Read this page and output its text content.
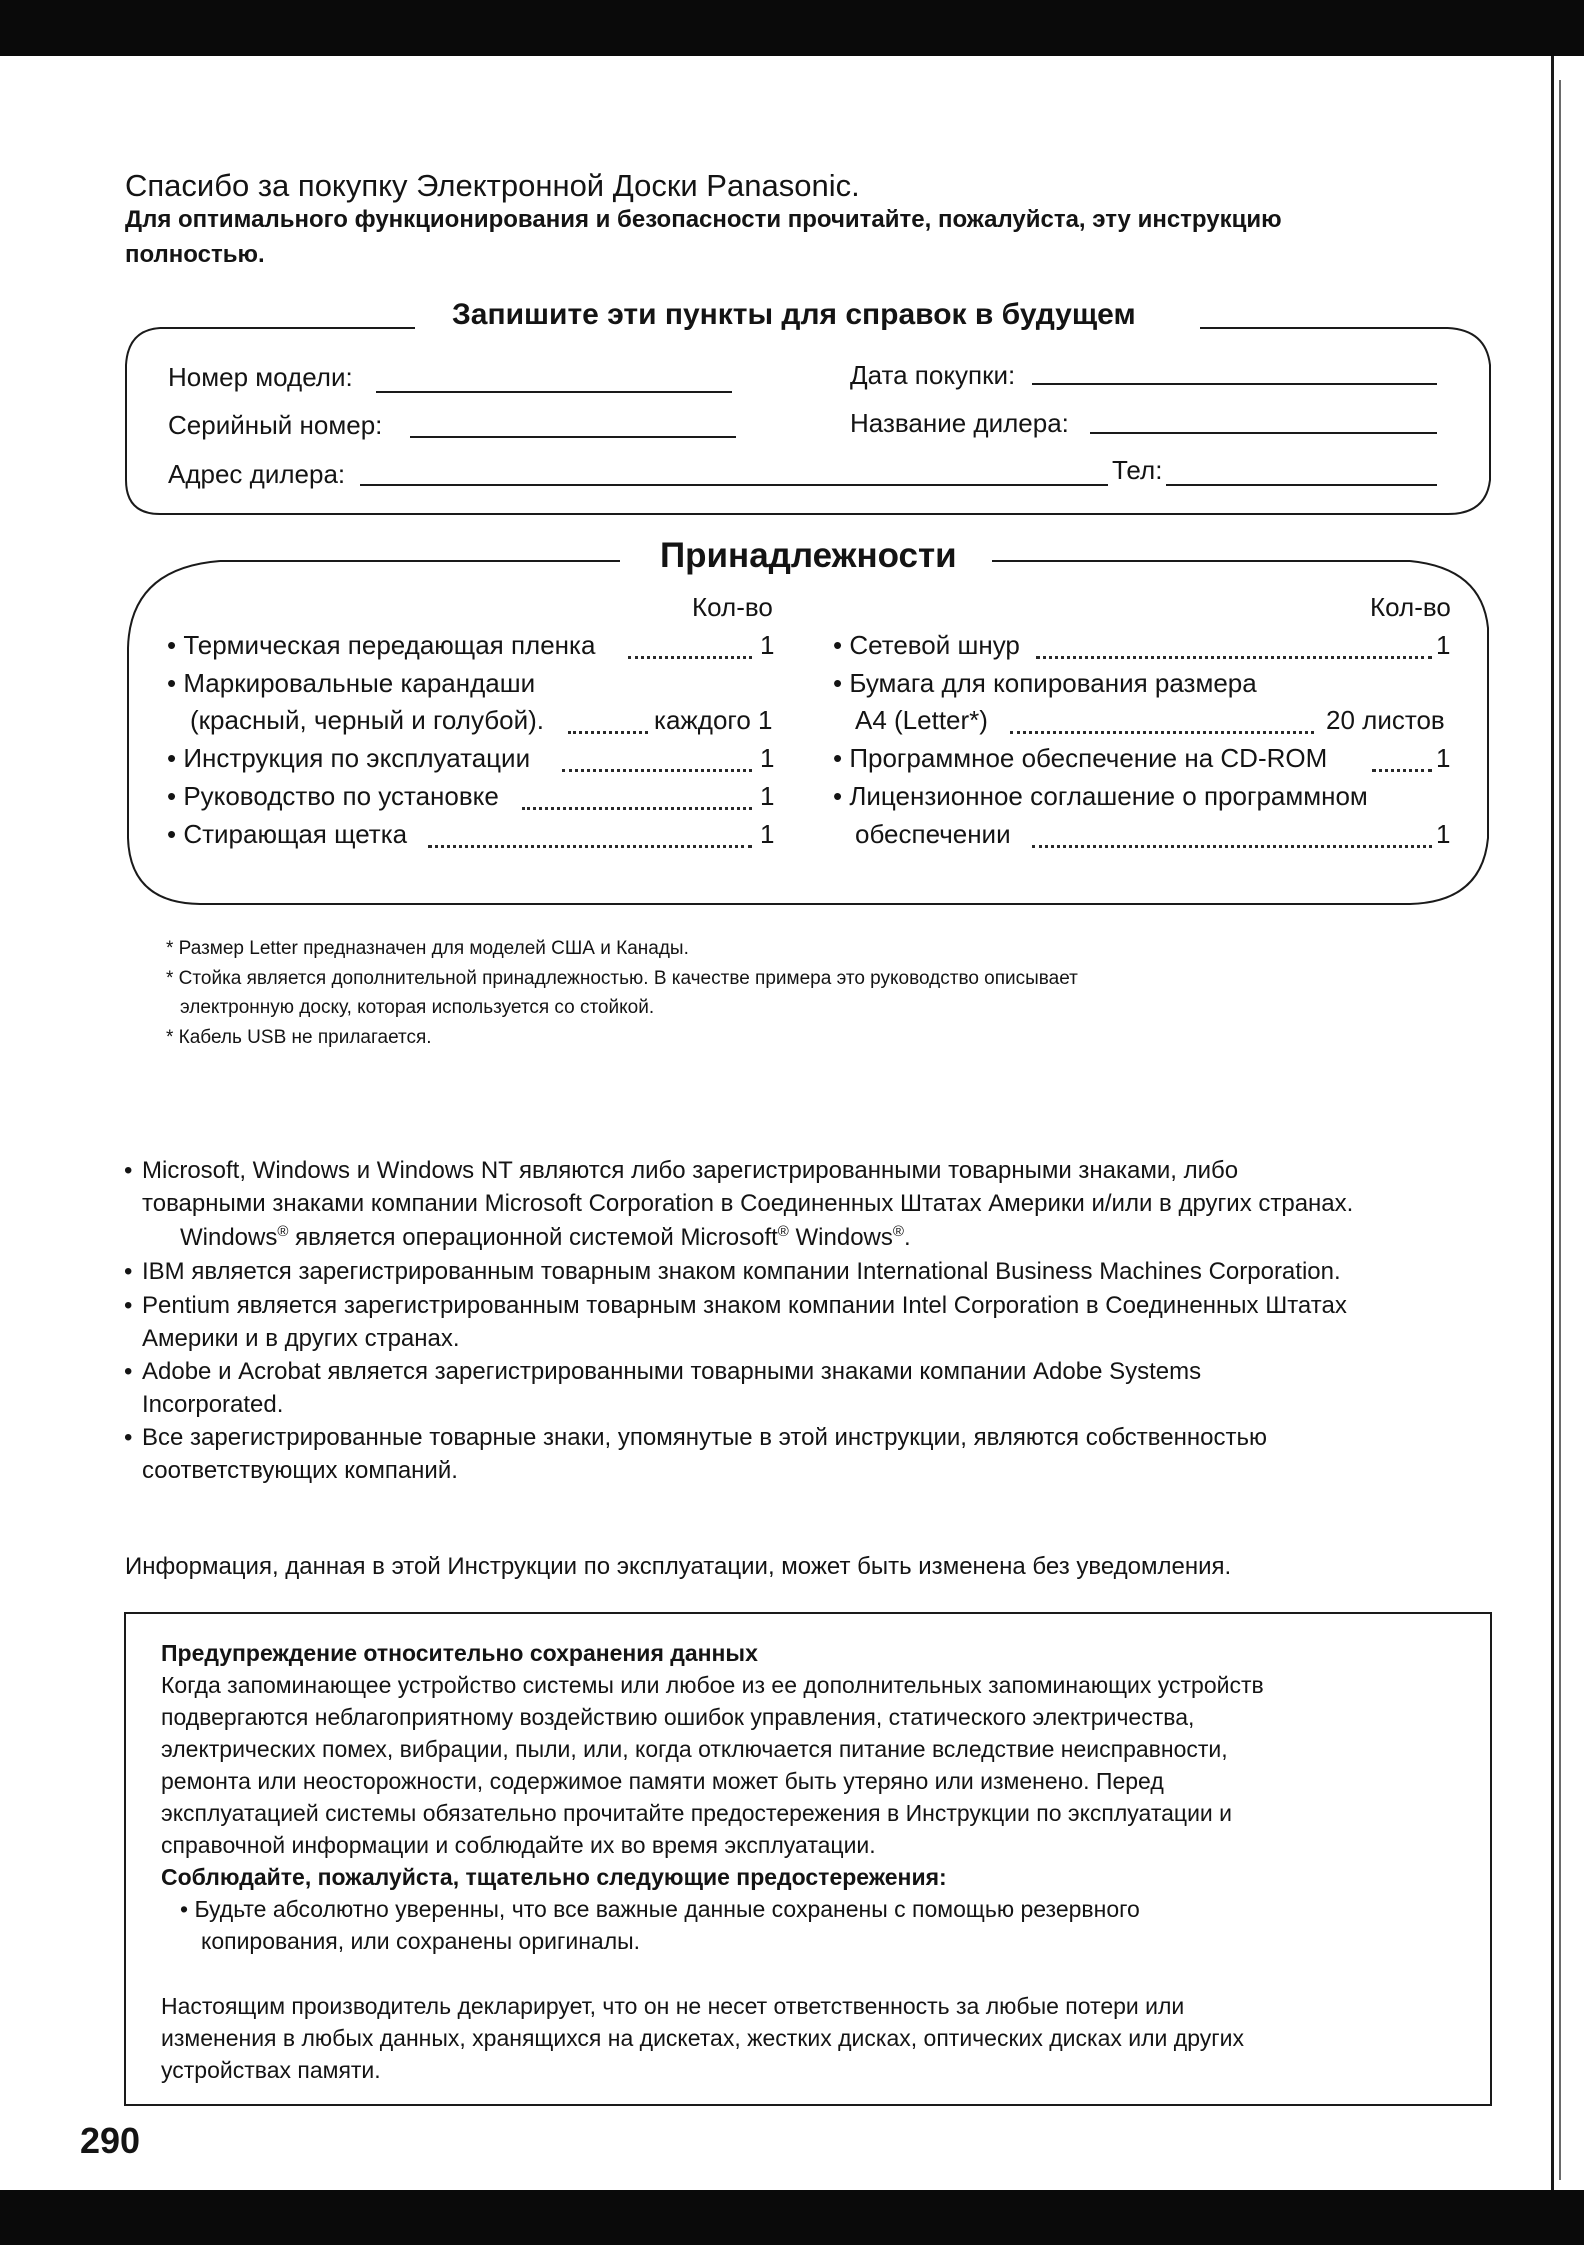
Спасибо за покупку Электронной Доски Panasonic.
Для оптимального функционирования и безопасности прочитайте, пожалуйста, эту инструкцию
полностью.
Запишите эти пункты для справок в будущем
Номер модели:	Дата покупки:
Серийный номер:	Название дилера:
Адрес дилера:	Тел:
Принадлежности
Кол-во	Кол-во
• Термическая передающая пленка	1
• Маркировальные карандаши
(красный, черный и голубой).	каждого 1
• Инструкция по эксплуатации	1
• Руководство по установке	1
• Стирающая щетка	1
• Сетевой шнур	1
• Бумага для копирования размера
A4 (Letter*)	20 листов
• Программное обеспечение на CD-ROM	1
• Лицензионное соглашение о программном
обеспечении	1
* Размер Letter предназначен для моделей США и Канады.
* Стойка является дополнительной принадлежностью. В качестве примера это руководство описывает
электронную доску, которая используется со стойкой.
* Кабель USB не прилагается.
• Microsoft, Windows и Windows NT являются либо зарегистрированными товарными знаками, либо
товарными знаками компании Microsoft Corporation в Соединенных Штатах Америки и/или в других странах.
Windows® является операционной системой Microsoft® Windows®.
• IBM является зарегистрированным товарным знаком компании International Business Machines Corporation.
• Pentium является зарегистрированным товарным знаком компании Intel Corporation в Соединенных Штатах
Америки и в других странах.
• Adobe и Acrobat является зарегистрированными товарными знаками компании Adobe Systems
Incorporated.
• Все зарегистрированные товарные знаки, упомянутые в этой инструкции, являются собственностью
соответствующих компаний.
Информация, данная в этой Инструкции по эксплуатации, может быть изменена без уведомления.
Предупреждение относительно сохранения данных
Когда запоминающее устройство системы или любое из ее дополнительных запоминающих устройств
подвергаются неблагоприятному воздействию ошибок управления, статического электричества,
электрических помех, вибрации, пыли, или, когда отключается питание вследствие неисправности,
ремонта или неосторожности, содержимое памяти может быть утеряно или изменено. Перед
эксплуатацией системы обязательно прочитайте предостережения в Инструкции по эксплуатации и
справочной информации и соблюдайте их во время эксплуатации.
Соблюдайте, пожалуйста, тщательно следующие предостережения:
• Будьте абсолютно уверенны, что все важные данные сохранены с помощью резервного
копирования, или сохранены оригиналы.
Настоящим производитель декларирует, что он не несет ответственность за любые потери или
изменения в любых данных, хранящихся на дискетах, жестких дисках, оптических дисках или других
устройствах памяти.
290
